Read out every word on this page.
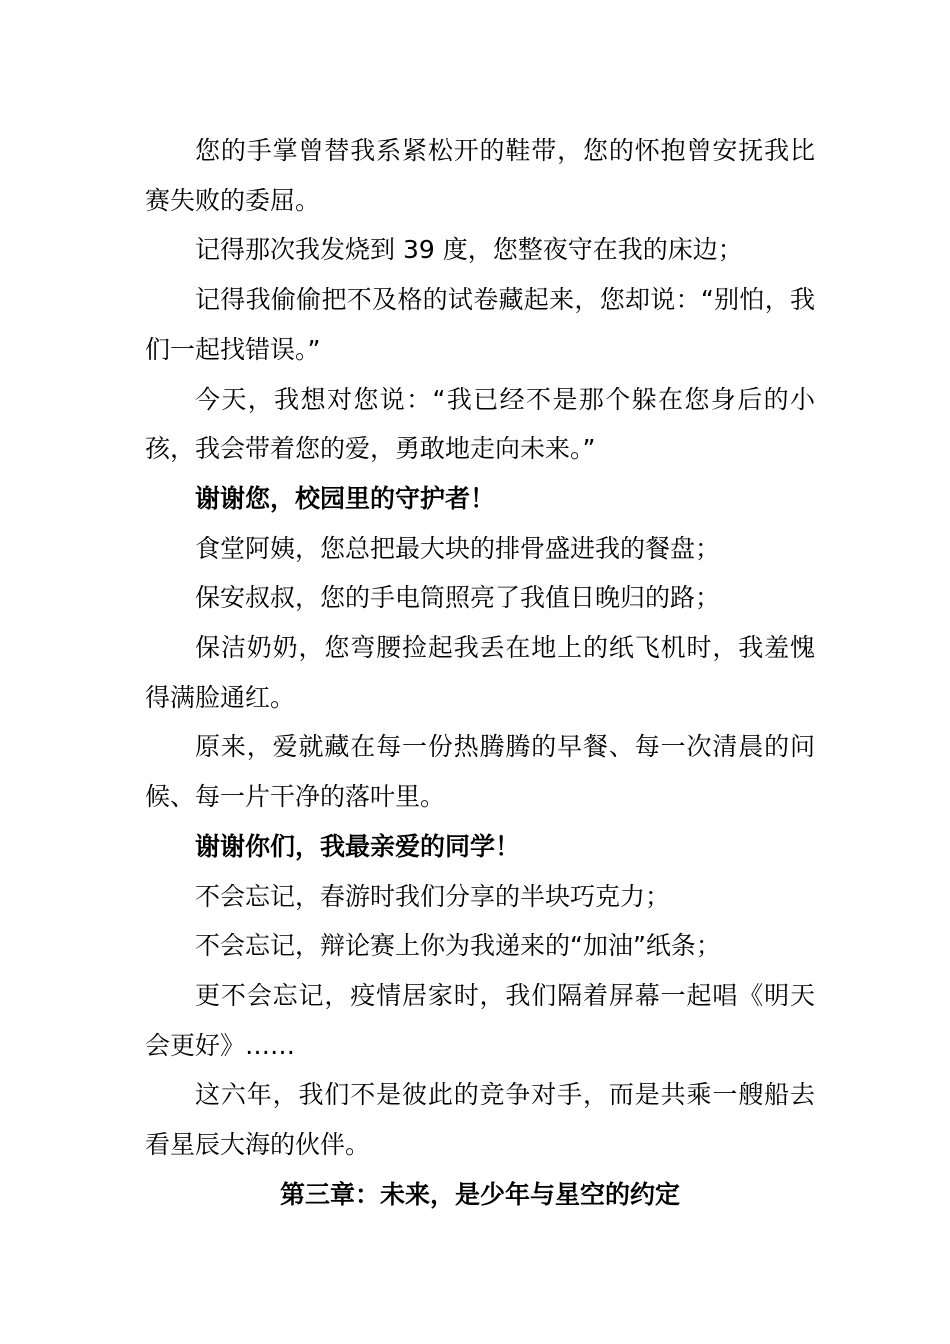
您的手掌曾替我系紧松开的鞋带，您的怀抱曾安抚我比赛失败的委屈。

记得那次我发烧到 39 度，您整夜守在我的床边；

记得我偷偷把不及格的试卷藏起来，您却说：“别怕，我们一起找错误。”

今天，我想对您说：“我已经不是那个躲在您身后的小孩，我会带着您的爱，勇敢地走向未来。”

谢谢您，校园里的守护者！

食堂阿姨，您总把最大块的排骨盛进我的餐盘；

保安叔叔，您的手电筒照亮了我值日晚归的路；

保洁奶奶，您弯腰捡起我丢在地上的纸飞机时，我羞愧得满脸通红。

原来，爱就藏在每一份热腾腾的早餐、每一次清晨的问候、每一片干净的落叶里。

谢谢你们，我最亲爱的同学！

不会忘记，春游时我们分享的半块巧克力；

不会忘记，辩论赛上你为我递来的“加油”纸条；

更不会忘记，疫情居家时，我们隔着屏幕一起唱《明天会更好》……

这六年，我们不是彼此的竞争对手，而是共乘一艘船去看星辰大海的伙伴。

第三章：未来，是少年与星空的约定
